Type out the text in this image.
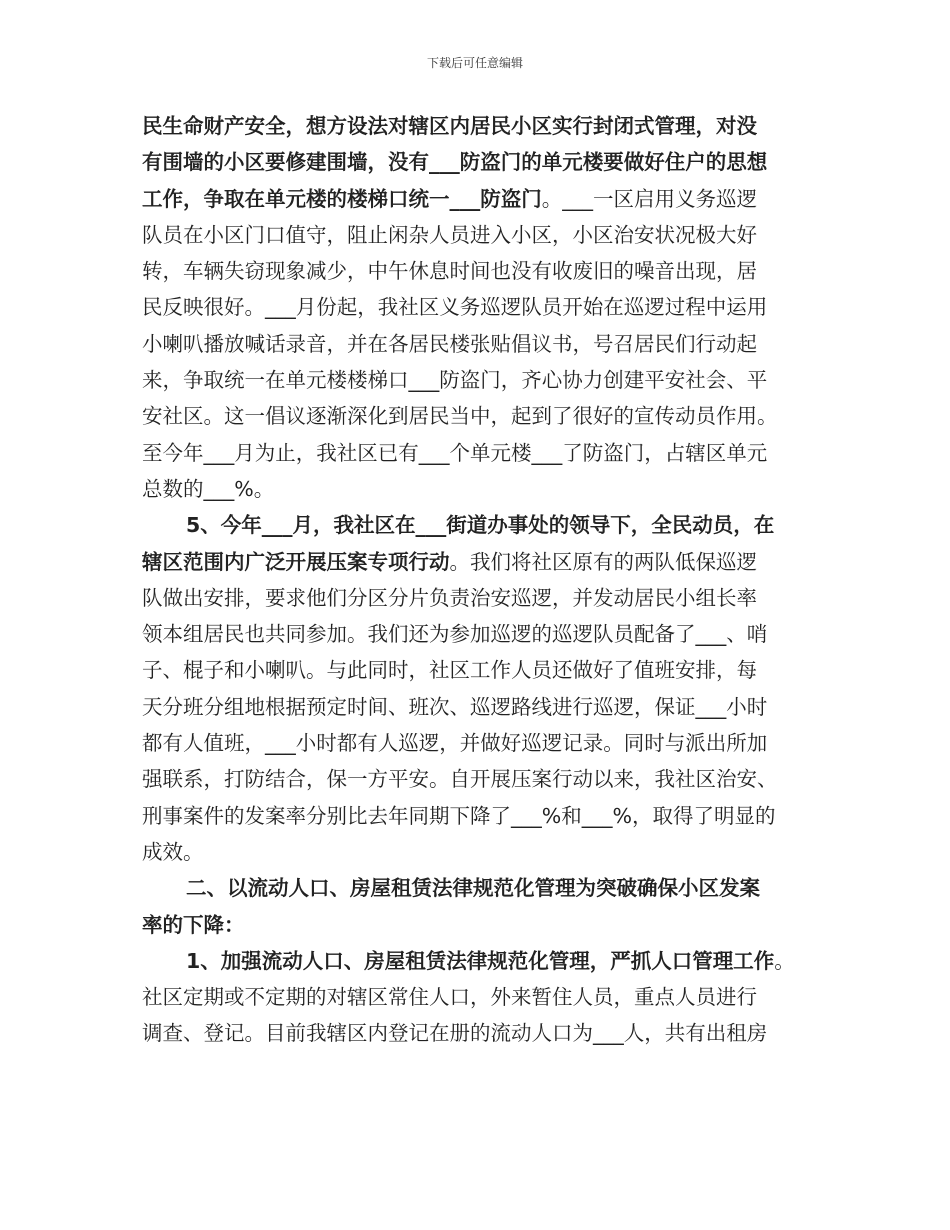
下载后可任意编辑
民生命财产安全，想方设法对辖区内居民小区实行封闭式管理，对没
有围墙的小区要修建围墙，没有___防盗门的单元楼要做好住户的思想
工作，争取在单元楼的楼梯口统一___防盗门。___一区启用义务巡逻
队员在小区门口值守，阻止闲杂人员进入小区，小区治安状况极大好
转，车辆失窃现象减少，中午休息时间也没有收废旧的噪音出现，居
民反映很好。___月份起，我社区义务巡逻队员开始在巡逻过程中运用
小喇叭播放喊话录音，并在各居民楼张贴倡议书，号召居民们行动起
来，争取统一在单元楼楼梯口___防盗门，齐心协力创建平安社会、平
安社区。这一倡议逐渐深化到居民当中，起到了很好的宣传动员作用。
至今年___月为止，我社区已有___个单元楼___了防盗门，占辖区单元
总数的___%。
5、今年___月，我社区在___街道办事处的领导下，全民动员，在
辖区范围内广泛开展压案专项行动。我们将社区原有的两队低保巡逻
队做出安排，要求他们分区分片负责治安巡逻，并发动居民小组长率
领本组居民也共同参加。我们还为参加巡逻的巡逻队员配备了___、哨
子、棍子和小喇叭。与此同时，社区工作人员还做好了值班安排，每
天分班分组地根据预定时间、班次、巡逻路线进行巡逻，保证___小时
都有人值班，___小时都有人巡逻，并做好巡逻记录。同时与派出所加
强联系，打防结合，保一方平安。自开展压案行动以来，我社区治安、
刑事案件的发案率分别比去年同期下降了___%和___%，取得了明显的
成效。
二、以流动人口、房屋租赁法律规范化管理为突破确保小区发案
率的下降：
1、加强流动人口、房屋租赁法律规范化管理，严抓人口管理工作。
社区定期或不定期的对辖区常住人口，外来暂住人员，重点人员进行
调查、登记。目前我辖区内登记在册的流动人口为___人，共有出租房
